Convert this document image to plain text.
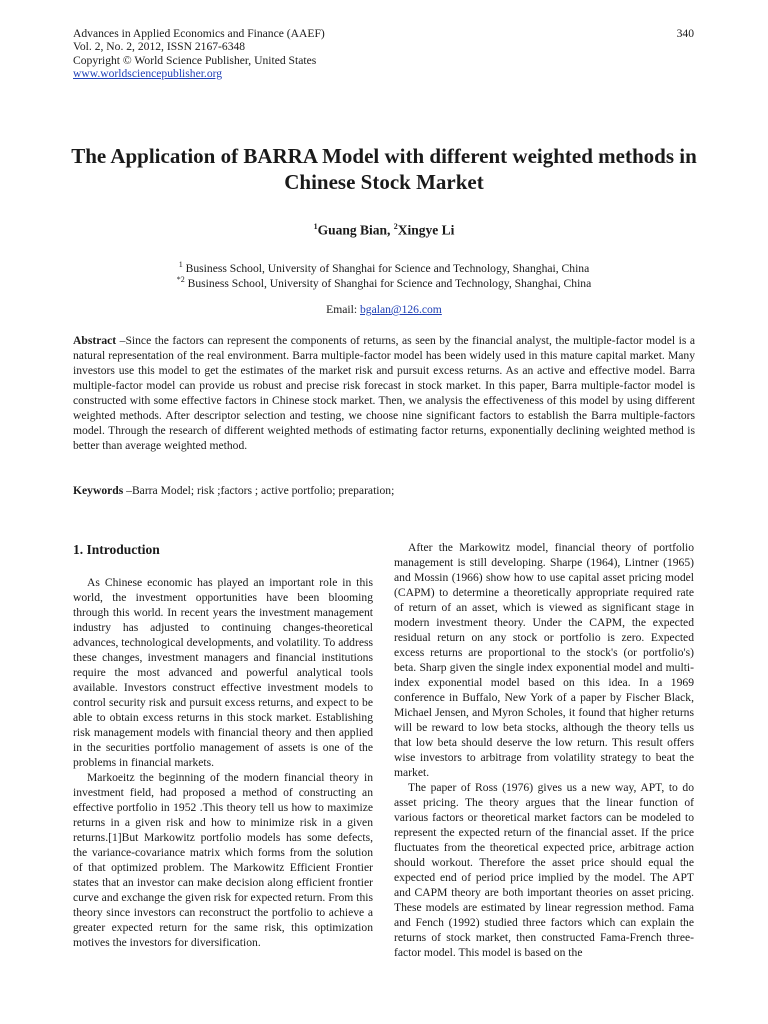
Advances in Applied Economics and Finance (AAEF)
Vol. 2, No. 2, 2012, ISSN 2167-6348
Copyright © World Science Publisher, United States
www.worldsciencepublisher.org
340
The Application of BARRA Model with different weighted methods in Chinese Stock Market
$^1$Guang Bian, $^2$Xingye Li
$^1$ Business School, University of Shanghai for Science and Technology, Shanghai, China
$^{*2}$ Business School, University of Shanghai for Science and Technology, Shanghai, China
Email: bgalan@126.com

Abstract –Since the factors can represent the components of returns, as seen by the financial analyst, the multiple-factor model is a natural representation of the real environment. Barra multiple-factor model has been widely used in this mature capital market. Many investors use this model to get the estimates of the market risk and pursuit excess returns. As an active and effective model. Barra multiple-factor model can provide us robust and precise risk forecast in stock market. In this paper, Barra multiple-factor model is constructed with some effective factors in Chinese stock market. Then, we analysis the effectiveness of this model by using different weighted methods. After descriptor selection and testing, we choose nine significant factors to establish the Barra multiple-factors model. Through the research of different weighted methods of estimating factor returns, exponentially declining weighted method is better than average weighted method.

Keywords –Barra Model; risk ;factors ; active portfolio; preparation;

1. Introduction

As Chinese economic has played an important role in this world, the investment opportunities have been blooming through this world. In recent years the investment management industry has adjusted to continuing changes-theoretical advances, technological developments, and volatility. To address these changes, investment managers and financial institutions require the most advanced and powerful analytical tools available. Investors construct effective investment models to control security risk and pursuit excess returns, and expect to be able to obtain excess returns in this stock market. Establishing risk management models with financial theory and then applied in the securities portfolio management of assets is one of the problems in financial markets.

Markoeitz the beginning of the modern financial theory in investment field, had proposed a method of constructing an effective portfolio in 1952 .This theory tell us how to maximize returns in a given risk and how to minimize risk in a given returns.[1]But Markowitz portfolio models has some defects, the variance-covariance matrix which forms from the solution of that optimized problem. The Markowitz Efficient Frontier states that an investor can make decision along efficient frontier curve and exchange the given risk for expected return. From this theory since investors can reconstruct the portfolio to achieve a greater expected return for the same risk, this optimization motives the investors for diversification.

After the Markowitz model, financial theory of portfolio management is still developing. Sharpe (1964), Lintner (1965) and Mossin (1966) show how to use capital asset pricing model (CAPM) to determine a theoretically appropriate required rate of return of an asset, which is viewed as significant stage in modern investment theory. Under the CAPM, the expected residual return on any stock or portfolio is zero. Expected excess returns are proportional to the stock's (or portfolio's) beta. Sharp given the single index exponential model and multi-index exponential model based on this idea. In a 1969 conference in Buffalo, New York of a paper by Fischer Black, Michael Jensen, and Myron Scholes, it found that higher returns will be reward to low beta stocks, although the theory tells us that low beta should deserve the low return. This result offers wise investors to arbitrage from volatility strategy to beat the market.

The paper of Ross (1976) gives us a new way, APT, to do asset pricing. The theory argues that the linear function of various factors or theoretical market factors can be modeled to represent the expected return of the financial asset. If the price fluctuates from the theoretical expected price, arbitrage action should workout. Therefore the asset price should equal the expected end of period price implied by the model. The APT and CAPM theory are both important theories on asset pricing. These models are estimated by linear regression method. Fama and Fench (1992) studied three factors which can explain the returns of stock market, then constructed Fama-French three-factor model. This model is based on the
